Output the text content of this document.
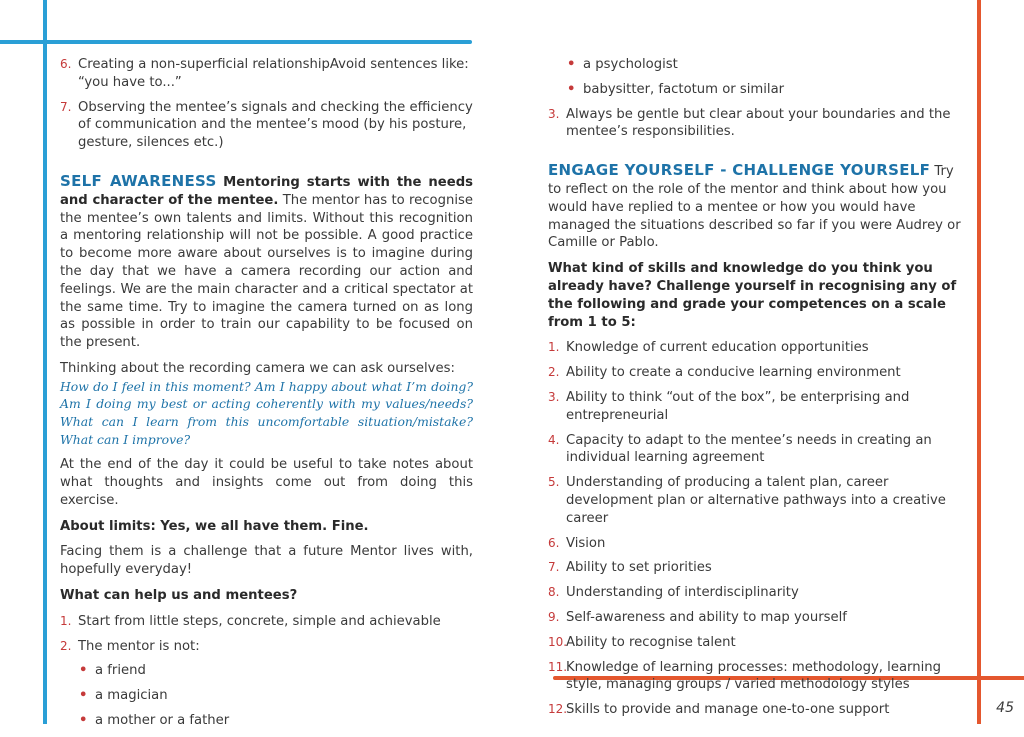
6. Creating a non-superficial relationshipAvoid sentences like: “you have to...”
7. Observing the mentee’s signals and checking the efficiency of communication and the mentee’s mood (by his posture, gesture, silences etc.)

SELF AWARENESS Mentoring starts with the needs and character of the mentee. The mentor has to recognise the mentee’s own talents and limits. Without this recognition a mentoring relationship will not be possible. A good practice to become more aware about ourselves is to imagine during the day that we have a camera recording our action and feelings. We are the main character and a critical spectator at the same time. Try to imagine the camera turned on as long as possible in order to train our capability to be focused on the present.

Thinking about the recording camera we can ask ourselves:
How do I feel in this moment? Am I happy about what I’m doing? Am I doing my best or acting coherently with my values/needs? What can I learn from this uncomfortable situation/mistake? What can I improve?

At the end of the day it could be useful to take notes about what thoughts and insights come out from doing this exercise.

About limits: Yes, we all have them. Fine.

Facing them is a challenge that a future Mentor lives with, hopefully everyday!

What can help us and mentees?

1. Start from little steps, concrete, simple and achievable
2. The mentor is not:
• a friend
• a magician
• a mother or a father
• a psychologist
• babysitter, factotum or similar
3. Always be gentle but clear about your boundaries and the mentee’s responsibilities.

ENGAGE YOURSELF - CHALLENGE YOURSELF Try to reflect on the role of the mentor and think about how you would have replied to a mentee or how you would have managed the situations described so far if you were Audrey or Camille or Pablo.

What kind of skills and knowledge do you think you already have? Challenge yourself in recognising any of the following and grade your competences on a scale from 1 to 5:

1. Knowledge of current education opportunities
2. Ability to create a conducive learning environment
3. Ability to think “out of the box”, be enterprising and entrepreneurial
4. Capacity to adapt to the mentee’s needs in creating an individual learning agreement
5. Understanding of producing a talent plan, career development plan or alternative pathways into a creative career
6. Vision
7. Ability to set priorities
8. Understanding of interdisciplinarity
9. Self-awareness and ability to map yourself
10.
Ability to recognise talent
11.
Knowledge of learning processes: methodology, learning style, managing groups / varied methodology styles
12.
Skills to provide and manage one-to-one support	45
